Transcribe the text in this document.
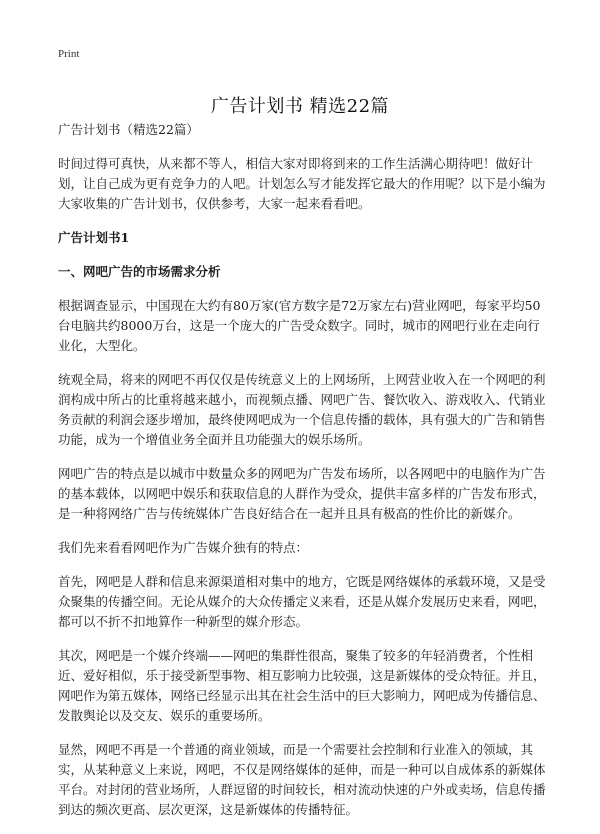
Print
广告计划书 精选22篇

广告计划书（精选22篇）

时间过得可真快，从来都不等人，相信大家对即将到来的工作生活满心期待吧！做好计划，让自己成为更有竞争力的人吧。计划怎么写才能发挥它最大的作用呢？以下是小编为大家收集的广告计划书，仅供参考，大家一起来看看吧。

广告计划书1
一、网吧广告的市场需求分析

根据调查显示，中国现在大约有80万家(官方数字是72万家左右)营业网吧，每家平均50台电脑共约8000万台，这是一个庞大的广告受众数字。同时，城市的网吧行业在走向行业化，大型化。

统观全局，将来的网吧不再仅仅是传统意义上的上网场所，上网营业收入在一个网吧的利润构成中所占的比重将越来越小，而视频点播、网吧广告、餐饮收入、游戏收入、代销业务贡献的利润会逐步增加，最终使网吧成为一个信息传播的载体，具有强大的广告和销售功能，成为一个增值业务全面并且功能强大的娱乐场所。

网吧广告的特点是以城市中数量众多的网吧为广告发布场所，以各网吧中的电脑作为广告的基本载体，以网吧中娱乐和获取信息的人群作为受众，提供丰富多样的广告发布形式，是一种将网络广告与传统媒体广告良好结合在一起并且具有极高的性价比的新媒介。

我们先来看看网吧作为广告媒介独有的特点：

首先，网吧是人群和信息来源渠道相对集中的地方，它既是网络媒体的承载环境，又是受众聚集的传播空间。无论从媒介的大众传播定义来看，还是从媒介发展历史来看，网吧，都可以不折不扣地算作一种新型的媒介形态。

其次，网吧是一个媒介终端——网吧的集群性很高，聚集了较多的年轻消费者，个性相近、爱好相似，乐于接受新型事物、相互影响力比较强，这是新媒体的受众特征。并且，网吧作为第五媒体，网络已经显示出其在社会生活中的巨大影响力，网吧成为传播信息、发散舆论以及交友、娱乐的重要场所。

显然，网吧不再是一个普通的商业领域，而是一个需要社会控制和行业准入的领域，其实，从某种意义上来说，网吧，不仅是网络媒体的延伸，而是一种可以自成体系的新媒体平台。对封闭的营业场所，人群逗留的时间较长，相对流动快速的户外或卖场，信息传播到达的频次更高、层次更深，这是新媒体的传播特征。
